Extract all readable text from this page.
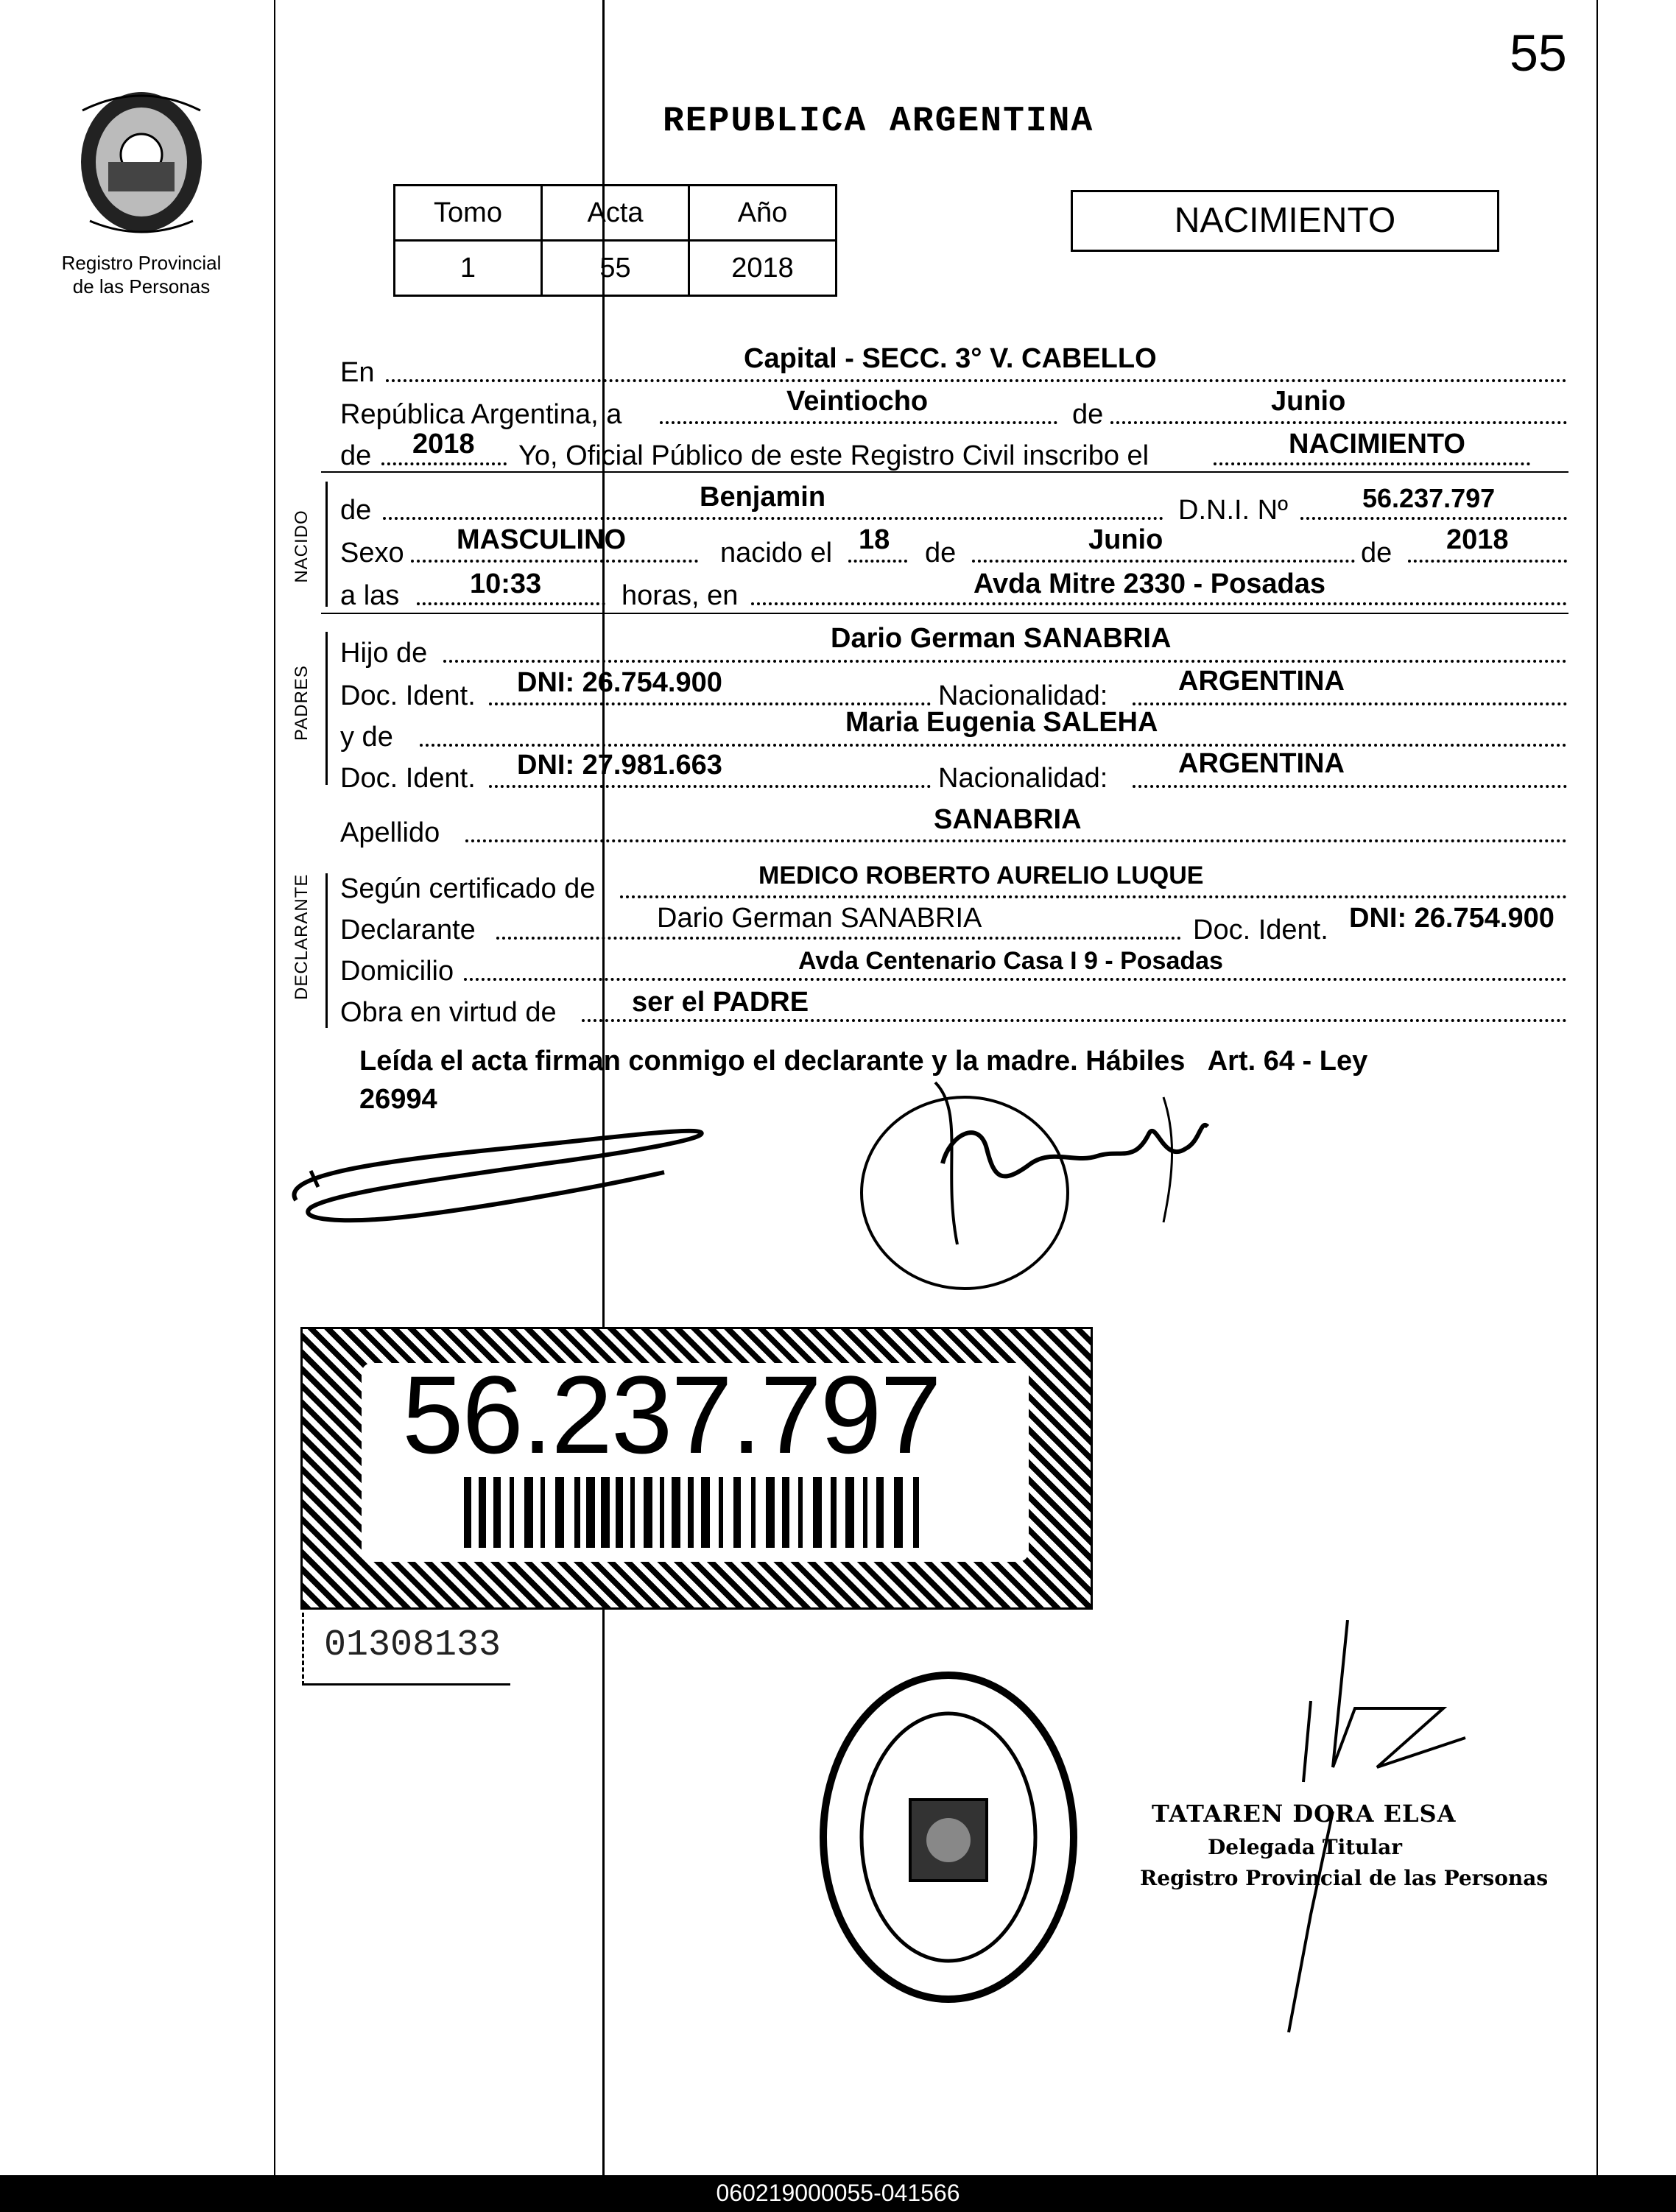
55
Registro Provincial
de las Personas
REPUBLICA ARGENTINA
Tomo	Acta	Año
1	55	2018
NACIMIENTO
En	Capital - SECC. 3° V. CABELLO
República Argentina, a	Veintiocho	de	Junio
de 2018 Yo, Oficial Público de este Registro Civil inscribo el	NACIMIENTO
NACIDO de	Benjamin	D.N.I. Nº	56.237.797
Sexo MASCULINO	nacido el 18 de	Junio	de 2018
a las	10:33	horas, en	Avda Mitre 2330 - Posadas
PADRES
Hijo de	Dario German SANABRIA
Doc. Ident. DNI: 26.754.900	Nacionalidad:	ARGENTINA
y de	Maria Eugenia SALEHA
Doc. Ident. DNI: 27.981.663	Nacionalidad:	ARGENTINA
Apellido	SANABRIA
DECLARANTE Según certificado de	MEDICO ROBERTO AURELIO LUQUE
Declarante	Dario German SANABRIA	Doc. Ident. DNI: 26.754.900
Domicilio	Avda Centenario Casa I 9 - Posadas
Obra en virtud de	ser el PADRE
Leída el acta firman conmigo el declarante y la madre. Hábiles   Art. 64 - Ley
26994
56.237.797
01308133
TATAREN DORA ELSA
Delegada Titular
Registro Provincial de las Personas
060219000055-041566
